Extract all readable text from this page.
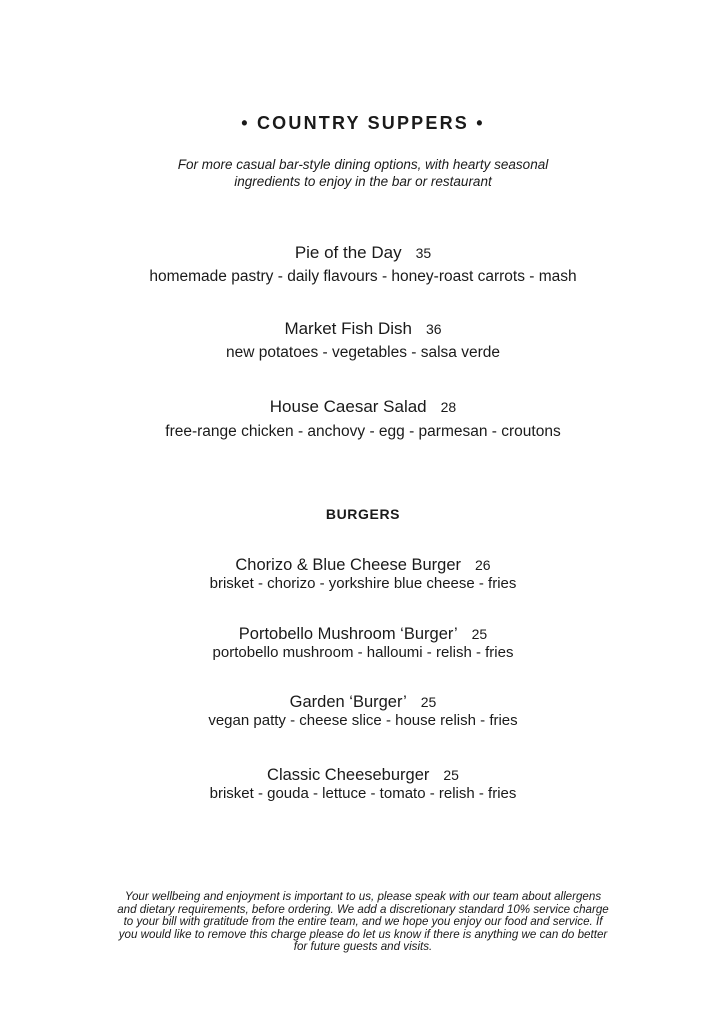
• COUNTRY SUPPERS •
For more casual bar-style dining options, with hearty seasonal
ingredients to enjoy in the bar or restaurant
Pie of the Day 35
homemade pastry - daily flavours - honey-roast carrots - mash
Market Fish Dish 36
new potatoes - vegetables - salsa verde
House Caesar Salad 28
free-range chicken - anchovy - egg - parmesan - croutons
BURGERS
Chorizo & Blue Cheese Burger 26
brisket - chorizo - yorkshire blue cheese - fries
Portobello Mushroom ‘Burger’ 25
portobello mushroom - halloumi - relish - fries
Garden ‘Burger’ 25
vegan patty - cheese slice - house relish - fries
Classic Cheeseburger 25
brisket - gouda - lettuce - tomato - relish - fries
Your wellbeing and enjoyment is important to us, please speak with our team about allergens
and dietary requirements, before ordering. We add a discretionary standard 10% service charge
to your bill with gratitude from the entire team, and we hope you enjoy our food and service. If
you would like to remove this charge please do let us know if there is anything we can do better
for future guests and visits.
